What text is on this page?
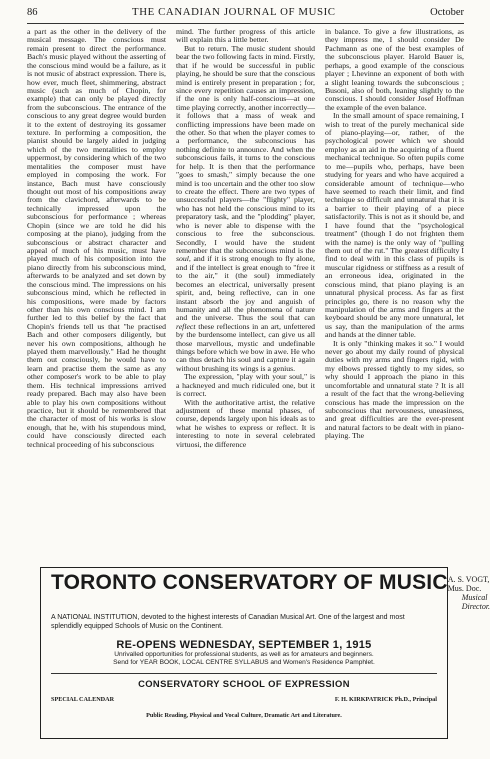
86	THE CANADIAN JOURNAL OF MUSIC	October

a part as the other in the delivery of the musical message. The conscious must remain present to direct the performance. Bach's music played without the asserting of the conscious mind would be a failure, as it is not music of abstract expression. There is, how ever, much fleet, shimmering, abstract music (such as much of Chopin, for example) that can only be played directly from the subconscious. The entrance of the conscious to any great degree would burden it to the extent of destroying its gossamer texture. In performing a composition, the pianist should be largely aided in judging which of the two mentalities to employ uppermost, by considering which of the two mentalities the composer must have employed in composing the work. For instance, Bach must have consciously thought out most of his compositions away from the clavichord, afterwards to be technically impressed upon the subconscious for performance ; whereas Chopin (since we are told he did his composing at the piano), judging from the subconscious or abstract character and appeal of much of his music, must have played much of his composition into the piano directly from his subconscious mind, afterwards to be analyzed and set down by the conscious mind. The impressions on his subconscious mind, which he reflected in his compositions, were made by factors other than his own conscious mind. I am further led to this belief by the fact that Chopin's friends tell us that "he practised Bach and other composers diligently, but never his own compositions, although he played them marvellously." Had he thought them out consciously, he would have to learn and practise them the same as any other composer's work to be able to play them. His technical impressions arrived ready prepared. Bach may also have been able to play his own compositions without practice, but it should be remembered that the character of most of his works is slow enough, that he, with his stupendous mind, could have consciously directed each technical proceeding of his subconscious

mind. The further progress of this article will explain this a little better.

But to return. The music student should bear the two following facts in mind. Firstly, that if he would be successful in public playing, he should be sure that the conscious mind is entirely present in preparation ; for, since every repetition causes an impression, if the one is only half-conscious—at one time playing correctly, another incorrectly—it follows that a mass of weak and conflicting impressions have been made on the other. So that when the player comes to a performance, the subconscious has nothing definite to announce. And when the subconscious fails, it turns to the conscious for help. It is then that the performance "goes to smash," simply because the one mind is too uncertain and the other too slow to create the effect. There are two types of unsuccessful players—the "flighty" player, who has not held the conscious mind to its preparatory task, and the "plodding" player, who is never able to dispense with the conscious to free the subconscious. Secondly, I would have the student remember that the subconscious mind is the soul, and if it is strong enough to fly alone, and if the intellect is great enough to "free it to the air," it (the soul) immediately becomes an electrical, universally present spirit, and, being reflective, can in one instant absorb the joy and anguish of humanity and all the phenomena of nature and the universe. Thus the soul that can reflect these reflections in an art, unfettered by the burdensome intellect, can give us all those marvellous, mystic and undefinable things before which we bow in awe. He who can thus detach his soul and capture it again without brushing its wings is a genius.

The expression, "play with your soul," is a hackneyed and much ridiculed one, but it is correct.

With the authoritative artist, the relative adjustment of these mental phases, of course, depends largely upon his ideals as to what he wishes to express or reflect. It is interesting to note in several celebrated virtuosi, the difference

in balance. To give a few illustrations, as they impress me, I should consider De Pachmann as one of the best examples of the subconscious player. Harold Bauer is, perhaps, a good example of the conscious player ; Lhevinne an exponent of both with a slight leaning towards the subconscious ; Busoni, also of both, leaning slightly to the conscious. I should consider Josef Hoffman the example of the even balance.

In the small amount of space remaining, I wish to treat of the purely mechanical side of piano-playing—or, rather, of the psychological power which we should employ as an aid in the acquiring of a fluent mechanical technique. So often pupils come to me—pupils who, perhaps, have been studying for years and who have acquired a considerable amount of technique—who have seemed to reach their limit, and find technique so difficult and unnatural that it is a barrier to their playing of a piece satisfactorily. This is not as it should be, and I have found that the "psychological treatment" (though I do not frighten them with the name) is the only way of "pulling them out of the rut." The greatest difficulty I find to deal with in this class of pupils is muscular rigidness or stiffness as a result of an erroneous idea, originated in the conscious mind, that piano playing is an unnatural physical process. As far as first principles go, there is no reason why the manipulation of the arms and fingers at the keyboard should be any more unnatural, let us say, than the manipulation of the arms and hands at the dinner table.

It is only "thinking makes it so." I would never go about my daily round of physical duties with my arms and fingers rigid, with my elbows pressed tightly to my sides, so why should I approach the piano in this uncomfortable and unnatural state ? It is all a result of the fact that the wrong-believing conscious has made the impression on the subconscious that nervousness, uneasiness, and great difficulties are the ever-present and natural factors to be dealt with in piano-playing. The

TORONTO CONSERVATORY OF MUSIC A. S. VOGT, Mus. Doc.
Musical Director.
A NATIONAL INSTITUTION, devoted to the highest interests of Canadian Musical Art. One of the largest and most splendidly equipped Schools of Music on the Continent.
RE-OPENS WEDNESDAY, SEPTEMBER 1, 1915
Unrivalled opportunities for professional students, as well as for amateurs and beginners.
Send for YEAR BOOK, LOCAL CENTRE SYLLABUS and Women's Residence Pamphlet.
CONSERVATORY SCHOOL OF EXPRESSION
SPECIAL CALENDAR	F. H. KIRKPATRICK Ph.D., Principal
Public Reading, Physical and Vocal Culture, Dramatic Art and Literature.
